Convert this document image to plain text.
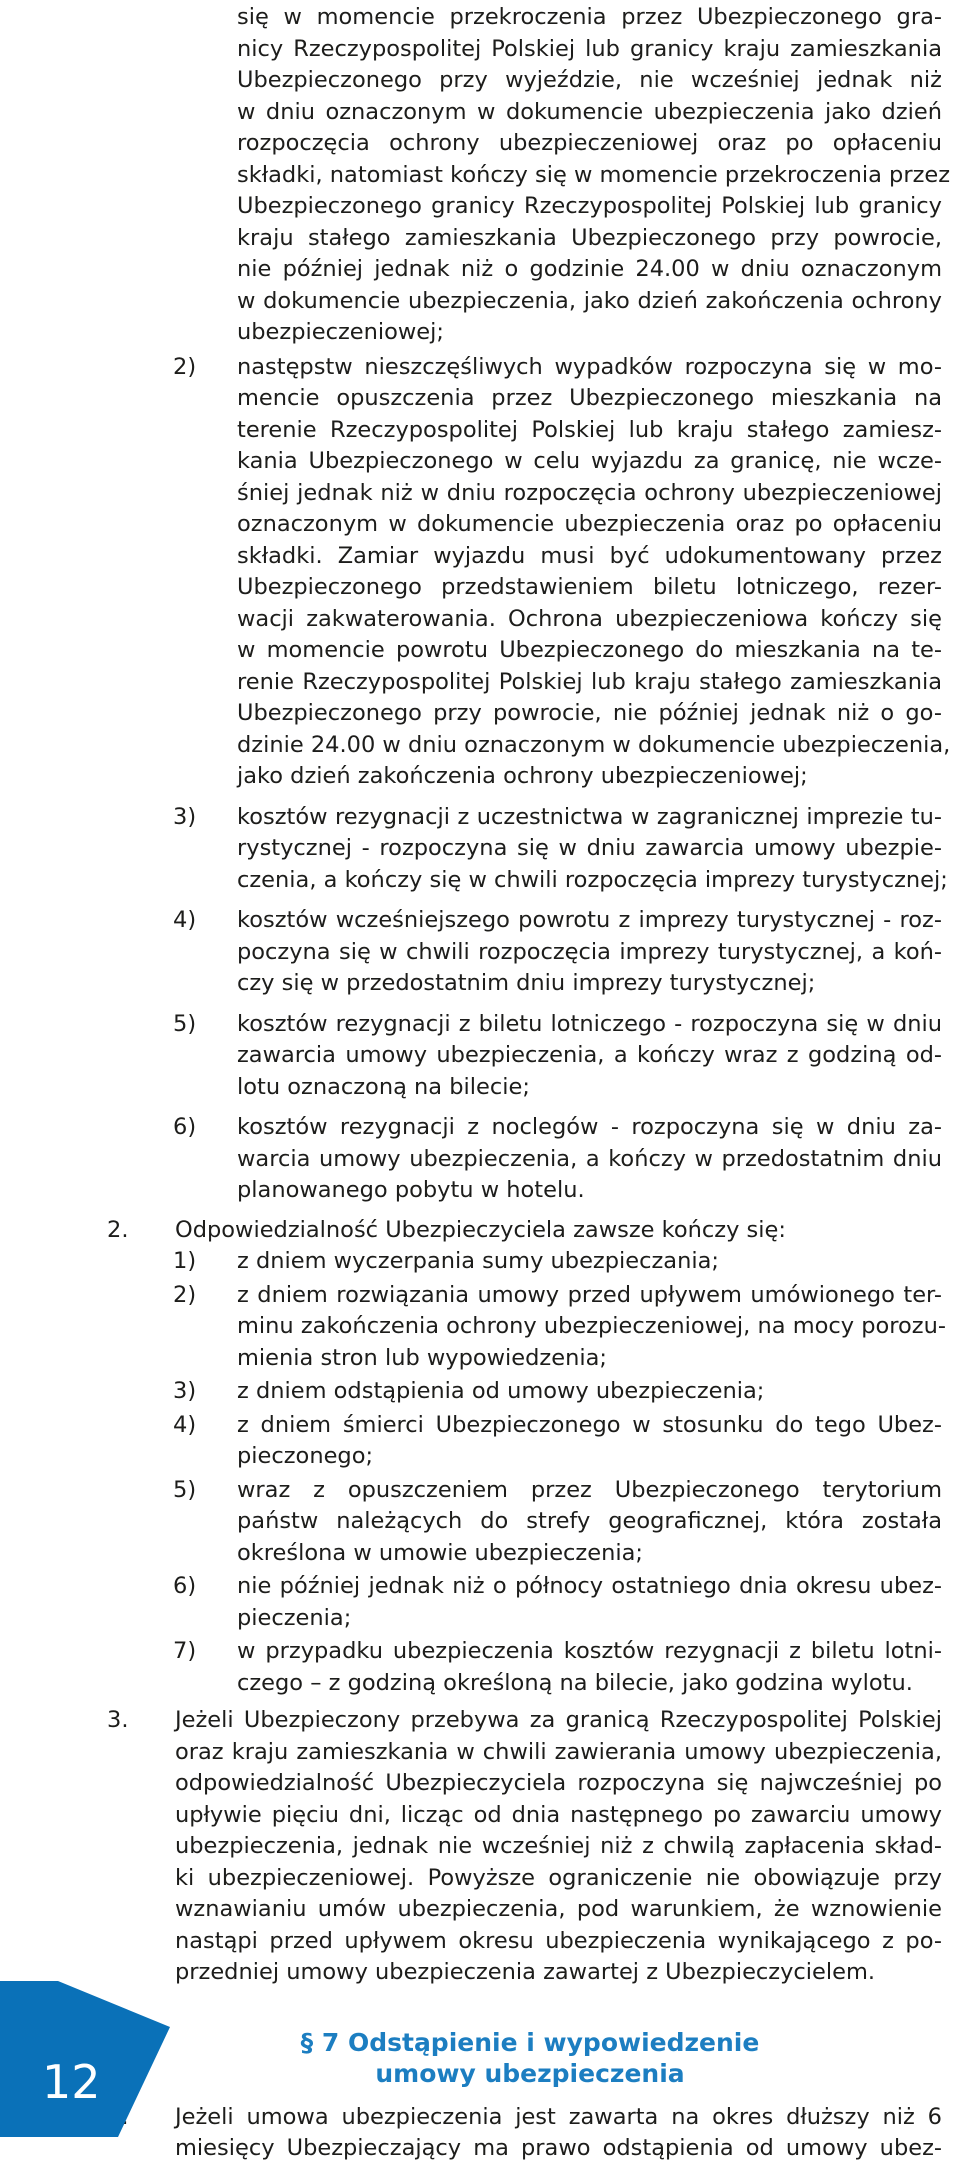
się w momencie przekroczenia przez Ubezpieczonego gra-
nicy Rzeczypospolitej Polskiej lub granicy kraju zamieszkania
Ubezpieczonego przy wyjeździe, nie wcześniej jednak niż
w dniu oznaczonym w dokumencie ubezpieczenia jako dzień
rozpoczęcia ochrony ubezpieczeniowej oraz po opłaceniu
składki, natomiast kończy się w momencie przekroczenia przez
Ubezpieczonego granicy Rzeczypospolitej Polskiej lub granicy
kraju stałego zamieszkania Ubezpieczonego przy powrocie,
nie później jednak niż o godzinie 24.00 w dniu oznaczonym
w dokumencie ubezpieczenia, jako dzień zakończenia ochrony
ubezpieczeniowej;
2) następstw nieszczęśliwych wypadków rozpoczyna się w mo-
mencie opuszczenia przez Ubezpieczonego mieszkania na
terenie Rzeczypospolitej Polskiej lub kraju stałego zamiesz-
kania Ubezpieczonego w celu wyjazdu za granicę, nie wcze-
śniej jednak niż w dniu rozpoczęcia ochrony ubezpieczeniowej
oznaczonym w dokumencie ubezpieczenia oraz po opłaceniu
składki. Zamiar wyjazdu musi być udokumentowany przez
Ubezpieczonego przedstawieniem biletu lotniczego, rezer-
wacji zakwaterowania. Ochrona ubezpieczeniowa kończy się
w momencie powrotu Ubezpieczonego do mieszkania na te-
renie Rzeczypospolitej Polskiej lub kraju stałego zamieszkania
Ubezpieczonego przy powrocie, nie później jednak niż o go-
dzinie 24.00 w dniu oznaczonym w dokumencie ubezpieczenia,
jako dzień zakończenia ochrony ubezpieczeniowej;
3) kosztów rezygnacji z uczestnictwa w zagranicznej imprezie tu-
rystycznej - rozpoczyna się w dniu zawarcia umowy ubezpie-
czenia, a kończy się w chwili rozpoczęcia imprezy turystycznej;
4) kosztów wcześniejszego powrotu z imprezy turystycznej - roz-
poczyna się w chwili rozpoczęcia imprezy turystycznej, a koń-
czy się w przedostatnim dniu imprezy turystycznej;
5) kosztów rezygnacji z biletu lotniczego - rozpoczyna się w dniu
zawarcia umowy ubezpieczenia, a kończy wraz z godziną od-
lotu oznaczoną na bilecie;
6) kosztów rezygnacji z noclegów - rozpoczyna się w dniu za-
warcia umowy ubezpieczenia, a kończy w przedostatnim dniu
planowanego pobytu w hotelu.
2. Odpowiedzialność Ubezpieczyciela zawsze kończy się:
1) z dniem wyczerpania sumy ubezpieczania;
2) z dniem rozwiązania umowy przed upływem umówionego ter-
minu zakończenia ochrony ubezpieczeniowej, na mocy porozu-
mienia stron lub wypowiedzenia;
3) z dniem odstąpienia od umowy ubezpieczenia;
4) z dniem śmierci Ubezpieczonego w stosunku do tego Ubez-
pieczonego;
5) wraz z opuszczeniem przez Ubezpieczonego terytorium
państw należących do strefy geograficznej, która została
określona w umowie ubezpieczenia;
6) nie później jednak niż o północy ostatniego dnia okresu ubez-
pieczenia;
7) w przypadku ubezpieczenia kosztów rezygnacji z biletu lotni-
czego – z godziną określoną na bilecie, jako godzina wylotu.
3. Jeżeli Ubezpieczony przebywa za granicą Rzeczypospolitej Polskiej
oraz kraju zamieszkania w chwili zawierania umowy ubezpieczenia,
odpowiedzialność Ubezpieczyciela rozpoczyna się najwcześniej po
upływie pięciu dni, licząc od dnia następnego po zawarciu umowy
ubezpieczenia, jednak nie wcześniej niż z chwilą zapłacenia skład-
ki ubezpieczeniowej. Powyższe ograniczenie nie obowiązuje przy
wznawianiu umów ubezpieczenia, pod warunkiem, że wznowienie
nastąpi przed upływem okresu ubezpieczenia wynikającego z po-
przedniej umowy ubezpieczenia zawartej z Ubezpieczycielem.
§ 7 Odstąpienie i wypowiedzenie
umowy ubezpieczenia
Jeżeli umowa ubezpieczenia jest zawarta na okres dłuższy niż 6
miesięcy Ubezpieczający ma prawo odstąpienia od umowy ubez-
12
